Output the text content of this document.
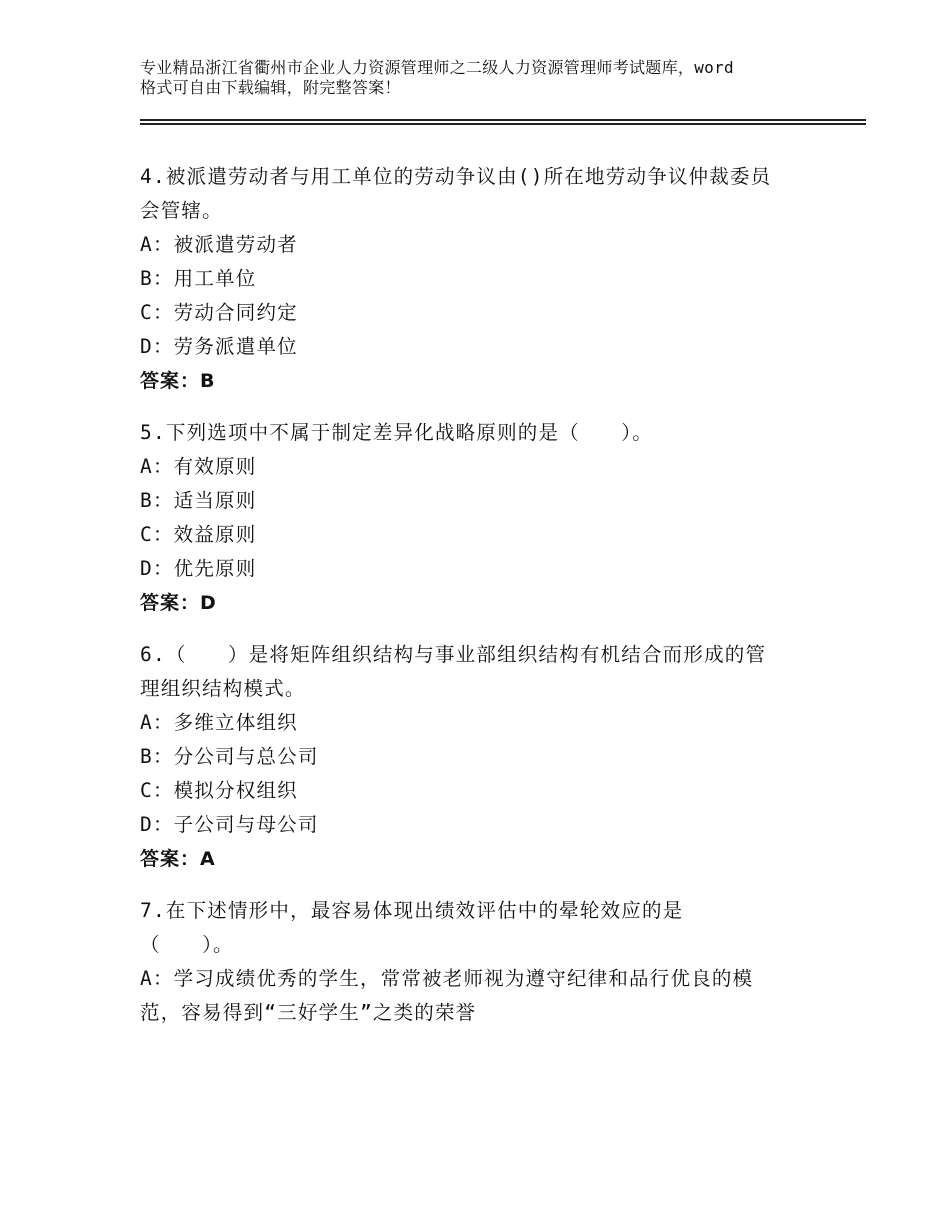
专业精品浙江省衢州市企业人力资源管理师之二级人力资源管理师考试题库，word
格式可自由下载编辑，附完整答案！
4.被派遣劳动者与用工单位的劳动争议由()所在地劳动争议仲裁委员
会管辖。
A：被派遣劳动者
B：用工单位
C：劳动合同约定
D：劳务派遣单位
答案：B
5.下列选项中不属于制定差异化战略原则的是（　　）。
A：有效原则
B：适当原则
C：效益原则
D：优先原则
答案：D
6.（　　）是将矩阵组织结构与事业部组织结构有机结合而形成的管
理组织结构模式。
A：多维立体组织
B：分公司与总公司
C：模拟分权组织
D：子公司与母公司
答案：A
7.在下述情形中，最容易体现出绩效评估中的晕轮效应的是
（　　）。
A：学习成绩优秀的学生，常常被老师视为遵守纪律和品行优良的模
范，容易得到“三好学生”之类的荣誉
